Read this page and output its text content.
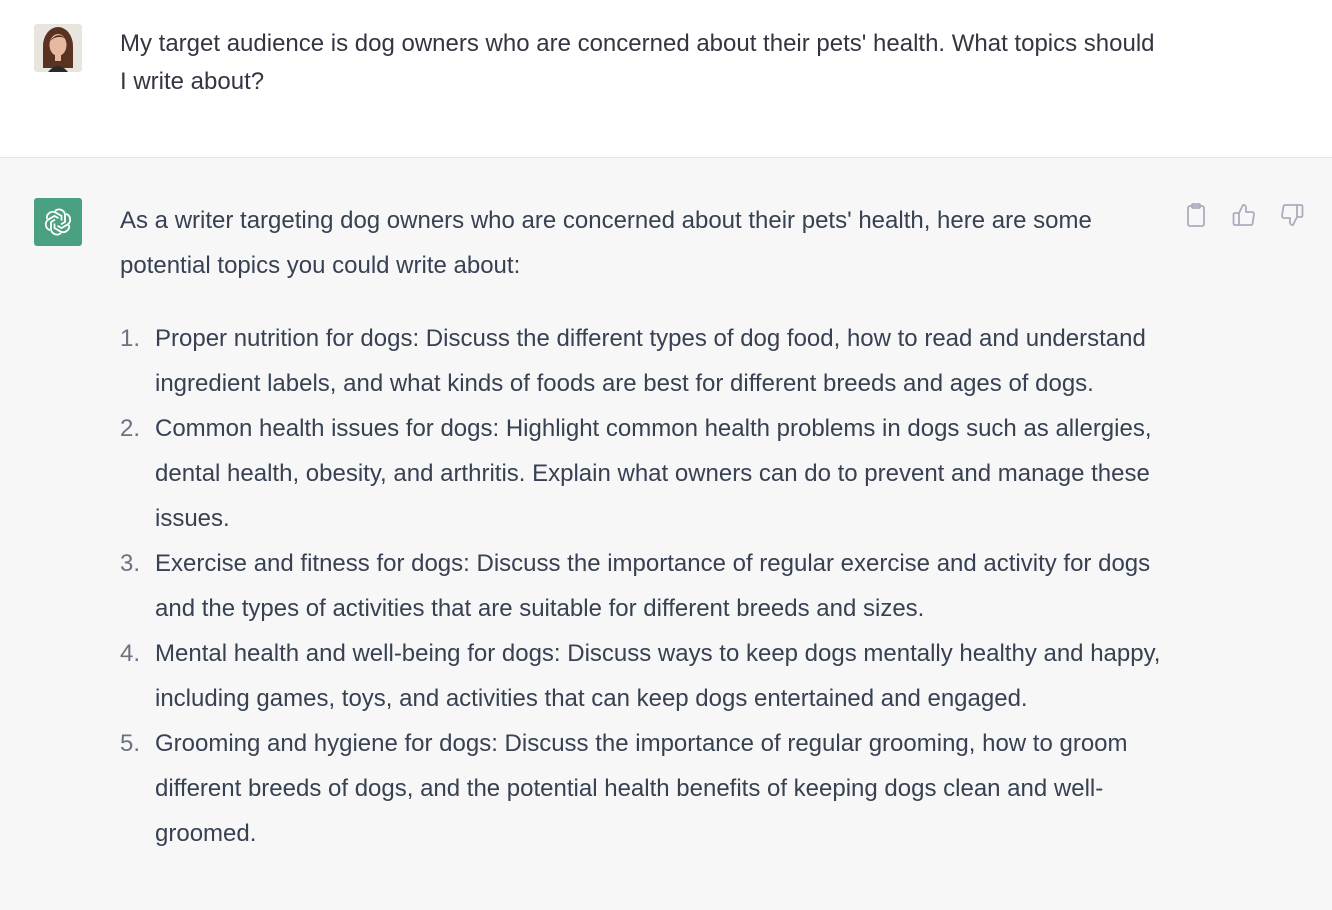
My target audience is dog owners who are concerned about their pets' health. What topics should I write about?

As a writer targeting dog owners who are concerned about their pets' health, here are some potential topics you could write about:

1. Proper nutrition for dogs: Discuss the different types of dog food, how to read and understand ingredient labels, and what kinds of foods are best for different breeds and ages of dogs.
2. Common health issues for dogs: Highlight common health problems in dogs such as allergies, dental health, obesity, and arthritis. Explain what owners can do to prevent and manage these issues.
3. Exercise and fitness for dogs: Discuss the importance of regular exercise and activity for dogs and the types of activities that are suitable for different breeds and sizes.
4. Mental health and well-being for dogs: Discuss ways to keep dogs mentally healthy and happy, including games, toys, and activities that can keep dogs entertained and engaged.
5. Grooming and hygiene for dogs: Discuss the importance of regular grooming, how to groom different breeds of dogs, and the potential health benefits of keeping dogs clean and well-groomed.
